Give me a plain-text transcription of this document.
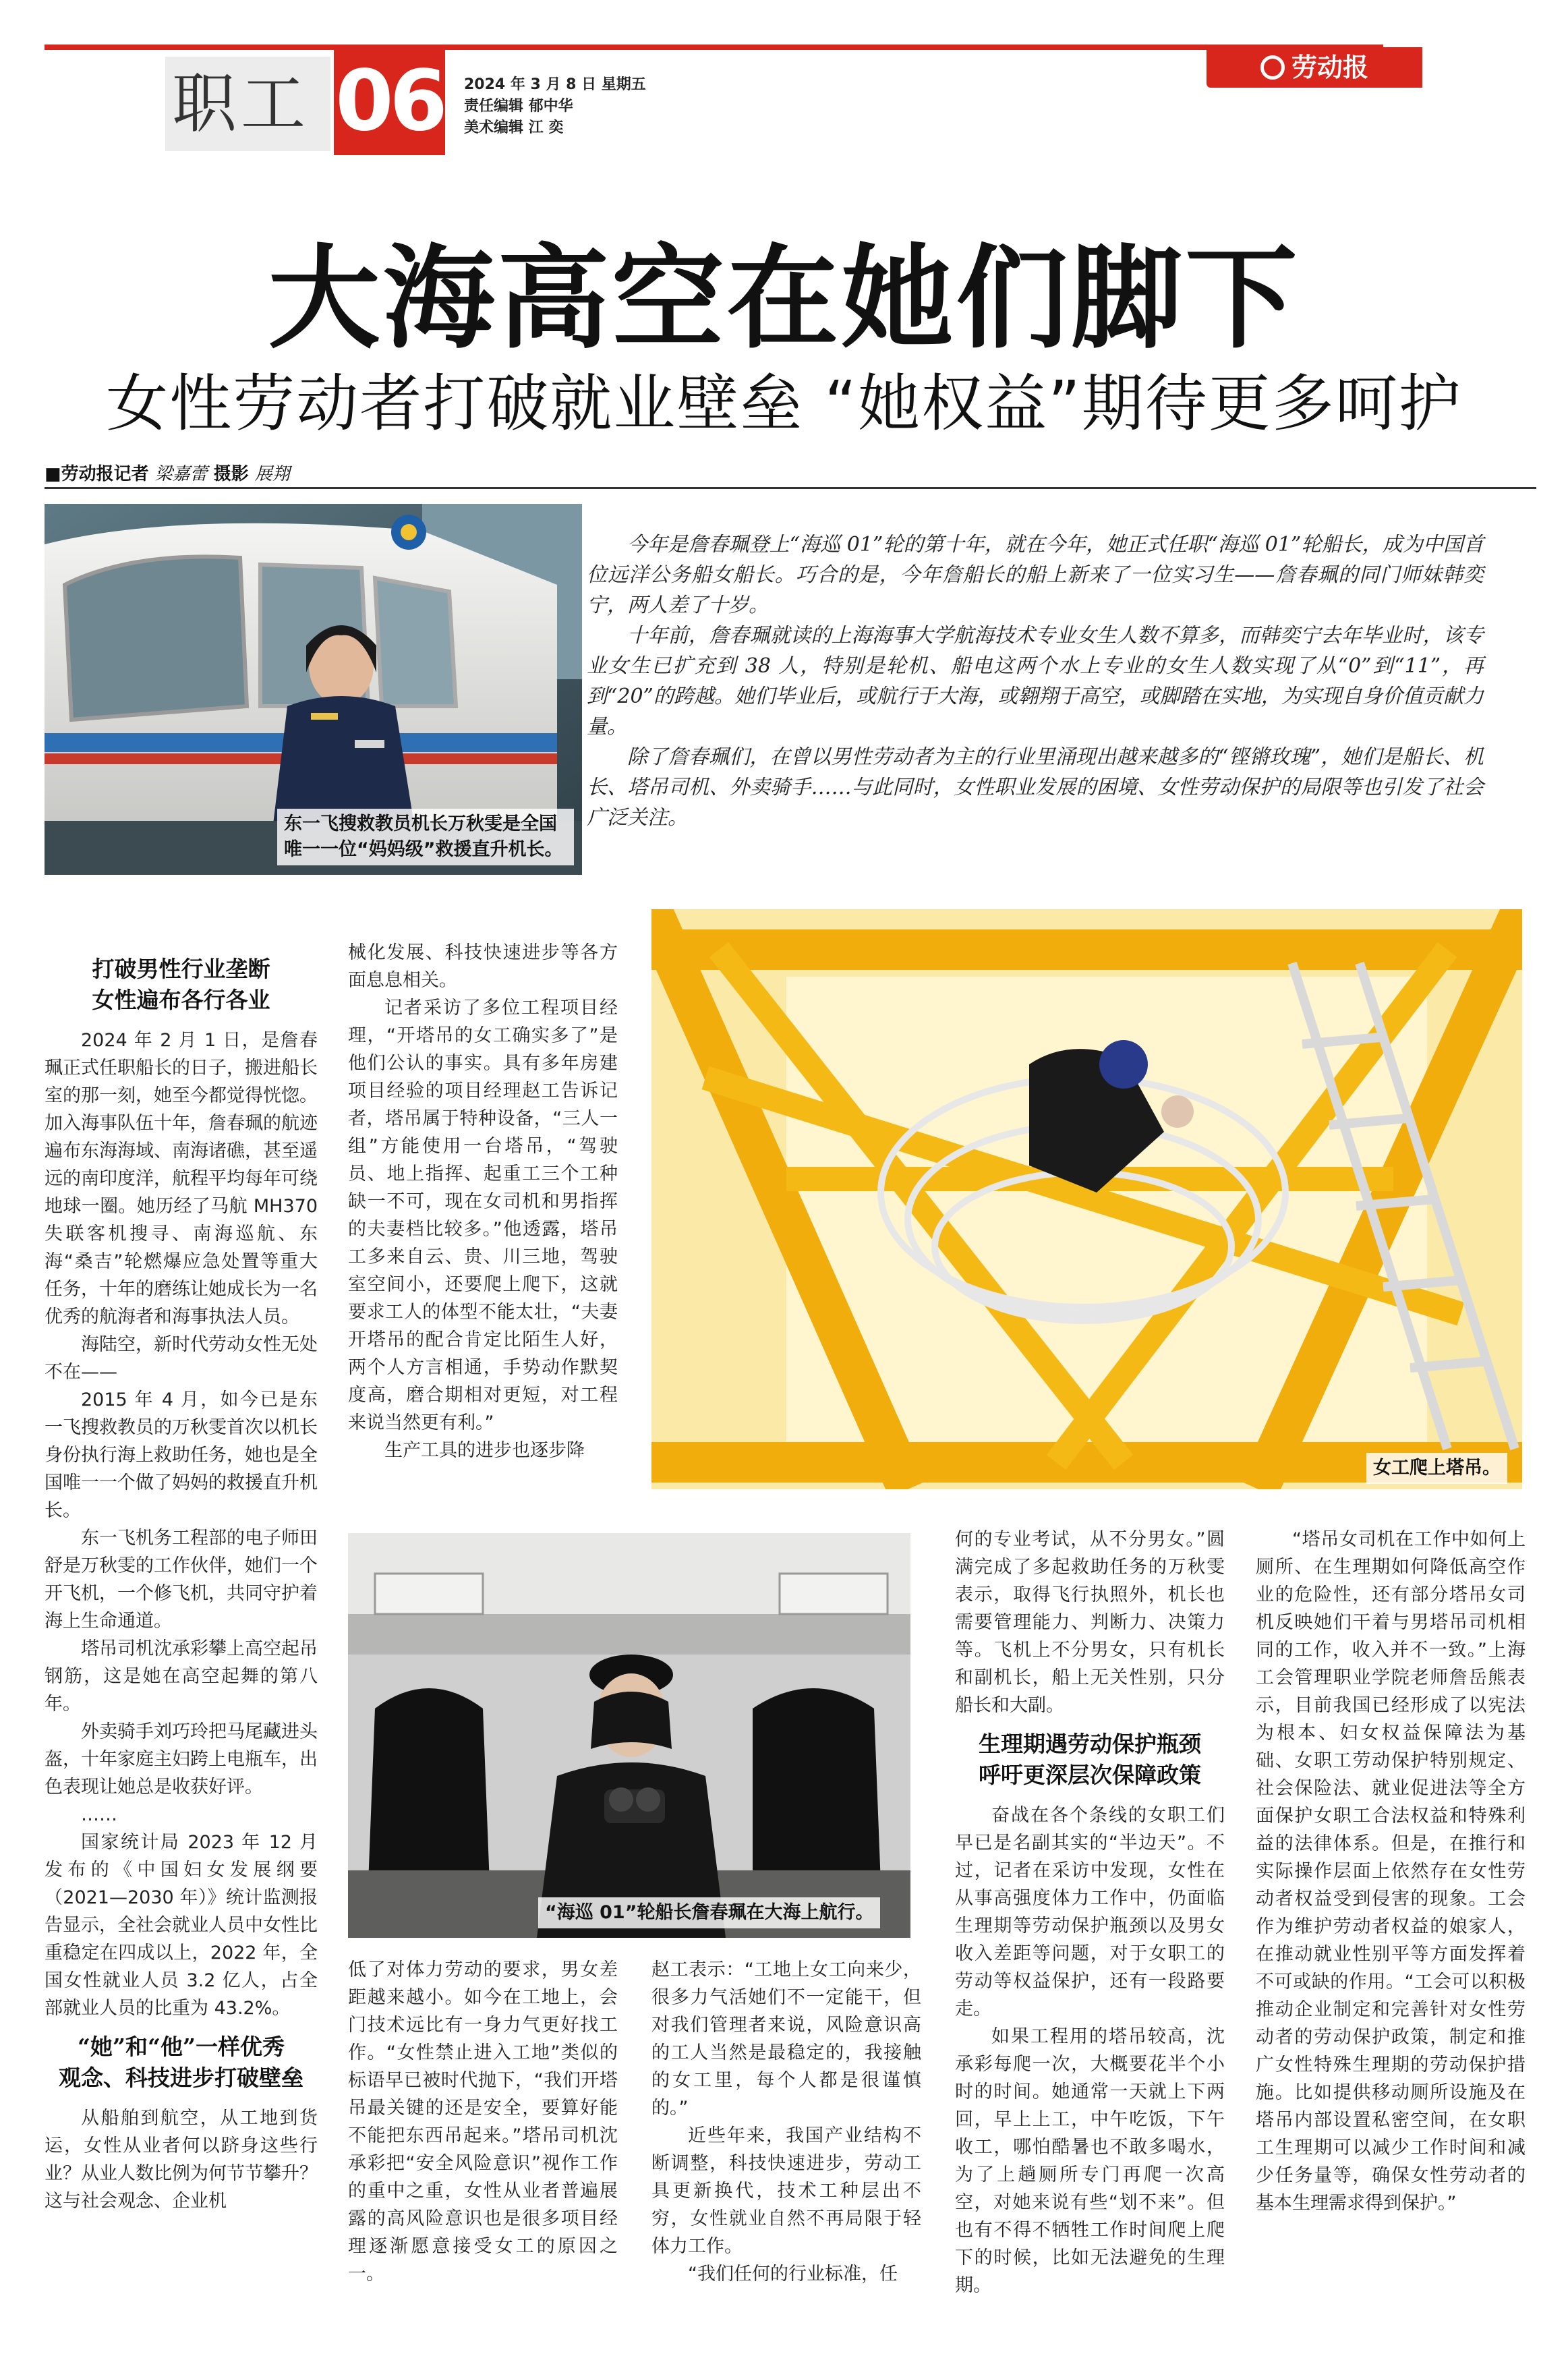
职工 06 2024 年 3 月 8 日 星期五
责任编辑 郁中华
美术编辑 江 奕
劳动报
大海高空在她们脚下
女性劳动者打破就业壁垒 “她权益”期待更多呵护
■劳动报记者 梁嘉蕾 摄影 展翔
东一飞搜救教员机长万秋雯是全国唯一一位“妈妈级”救援直升机长。

今年是詹春珮登上“海巡 01”轮的第十年，就在今年，她正式任职“海巡 01”轮船长，成为中国首位远洋公务船女船长。巧合的是，今年詹船长的船上新来了一位实习生——詹春珮的同门师妹韩奕宁，两人差了十岁。

十年前，詹春珮就读的上海海事大学航海技术专业女生人数不算多，而韩奕宁去年毕业时，该专业女生已扩充到 38 人，特别是轮机、船电这两个水上专业的女生人数实现了从“0”到“11”，再到“20”的跨越。她们毕业后，或航行于大海，或翱翔于高空，或脚踏在实地，为实现自身价值贡献力量。

除了詹春珮们，在曾以男性劳动者为主的行业里涌现出越来越多的“铿锵玫瑰”，她们是船长、机长、塔吊司机、外卖骑手……与此同时，女性职业发展的困境、女性劳动保护的局限等也引发了社会广泛关注。

女工爬上塔吊。
“海巡 01”轮船长詹春珮在大海上航行。
打破男性行业垄断
女性遍布各行各业

2024 年 2 月 1 日，是詹春珮正式任职船长的日子，搬进船长室的那一刻，她至今都觉得恍惚。加入海事队伍十年，詹春珮的航迹遍布东海海域、南海诸礁，甚至遥远的南印度洋，航程平均每年可绕地球一圈。她历经了马航 MH370 失联客机搜寻、南海巡航、东海“桑吉”轮燃爆应急处置等重大任务，十年的磨练让她成长为一名优秀的航海者和海事执法人员。

海陆空，新时代劳动女性无处不在——

2015 年 4 月，如今已是东一飞搜救教员的万秋雯首次以机长身份执行海上救助任务，她也是全国唯一一个做了妈妈的救援直升机长。

东一飞机务工程部的电子师田舒是万秋雯的工作伙伴，她们一个开飞机，一个修飞机，共同守护着海上生命通道。

塔吊司机沈承彩攀上高空起吊钢筋，这是她在高空起舞的第八年。

外卖骑手刘巧玲把马尾藏进头盔，十年家庭主妇跨上电瓶车，出色表现让她总是收获好评。

……

国家统计局 2023 年 12 月发布的《中国妇女发展纲要（2021—2030 年）》统计监测报告显示，全社会就业人员中女性比重稳定在四成以上，2022 年，全国女性就业人员 3.2 亿人，占全部就业人员的比重为 43.2%。

“她”和“他”一样优秀
观念、科技进步打破壁垒

从船舶到航空，从工地到货运，女性从业者何以跻身这些行业？从业人数比例为何节节攀升？这与社会观念、企业机

械化发展、科技快速进步等各方面息息相关。

记者采访了多位工程项目经理，“开塔吊的女工确实多了”是他们公认的事实。具有多年房建项目经验的项目经理赵工告诉记者，塔吊属于特种设备，“三人一组”方能使用一台塔吊，“驾驶员、地上指挥、起重工三个工种缺一不可，现在女司机和男指挥的夫妻档比较多。”他透露，塔吊工多来自云、贵、川三地，驾驶室空间小，还要爬上爬下，这就要求工人的体型不能太壮，“夫妻开塔吊的配合肯定比陌生人好，两个人方言相通，手势动作默契度高，磨合期相对更短，对工程来说当然更有利。”

生产工具的进步也逐步降

低了对体力劳动的要求，男女差距越来越小。如今在工地上，会门技术远比有一身力气更好找工作。“女性禁止进入工地”类似的标语早已被时代抛下，“我们开塔吊最关键的还是安全，要算好能不能把东西吊起来。”塔吊司机沈承彩把“安全风险意识”视作工作的重中之重，女性从业者普遍展露的高风险意识也是很多项目经理逐渐愿意接受女工的原因之一。

赵工表示：“工地上女工向来少，很多力气活她们不一定能干，但对我们管理者来说，风险意识高的工人当然是最稳定的，我接触的女工里，每个人都是很谨慎的。”

近些年来，我国产业结构不断调整，科技快速进步，劳动工具更新换代，技术工种层出不穷，女性就业自然不再局限于轻体力工作。

“我们任何的行业标准，任

何的专业考试，从不分男女。”圆满完成了多起救助任务的万秋雯表示，取得飞行执照外，机长也需要管理能力、判断力、决策力等。飞机上不分男女，只有机长和副机长，船上无关性别，只分船长和大副。

生理期遇劳动保护瓶颈
呼吁更深层次保障政策

奋战在各个条线的女职工们早已是名副其实的“半边天”。不过，记者在采访中发现，女性在从事高强度体力工作中，仍面临生理期等劳动保护瓶颈以及男女收入差距等问题，对于女职工的劳动等权益保护，还有一段路要走。

如果工程用的塔吊较高，沈承彩每爬一次，大概要花半个小时的时间。她通常一天就上下两回，早上上工，中午吃饭，下午收工，哪怕酷暑也不敢多喝水，为了上趟厕所专门再爬一次高空，对她来说有些“划不来”。但也有不得不牺牲工作时间爬上爬下的时候，比如无法避免的生理期。

“塔吊女司机在工作中如何上厕所、在生理期如何降低高空作业的危险性，还有部分塔吊女司机反映她们干着与男塔吊司机相同的工作，收入并不一致。”上海工会管理职业学院老师詹岳熊表示，目前我国已经形成了以宪法为根本、妇女权益保障法为基础、女职工劳动保护特别规定、社会保险法、就业促进法等全方面保护女职工合法权益和特殊利益的法律体系。但是，在推行和实际操作层面上依然存在女性劳动者权益受到侵害的现象。工会作为维护劳动者权益的娘家人，在推动就业性别平等方面发挥着不可或缺的作用。“工会可以积极推动企业制定和完善针对女性劳动者的劳动保护政策，制定和推广女性特殊生理期的劳动保护措施。比如提供移动厕所设施及在塔吊内部设置私密空间，在女职工生理期可以减少工作时间和减少任务量等，确保女性劳动者的基本生理需求得到保护。”
